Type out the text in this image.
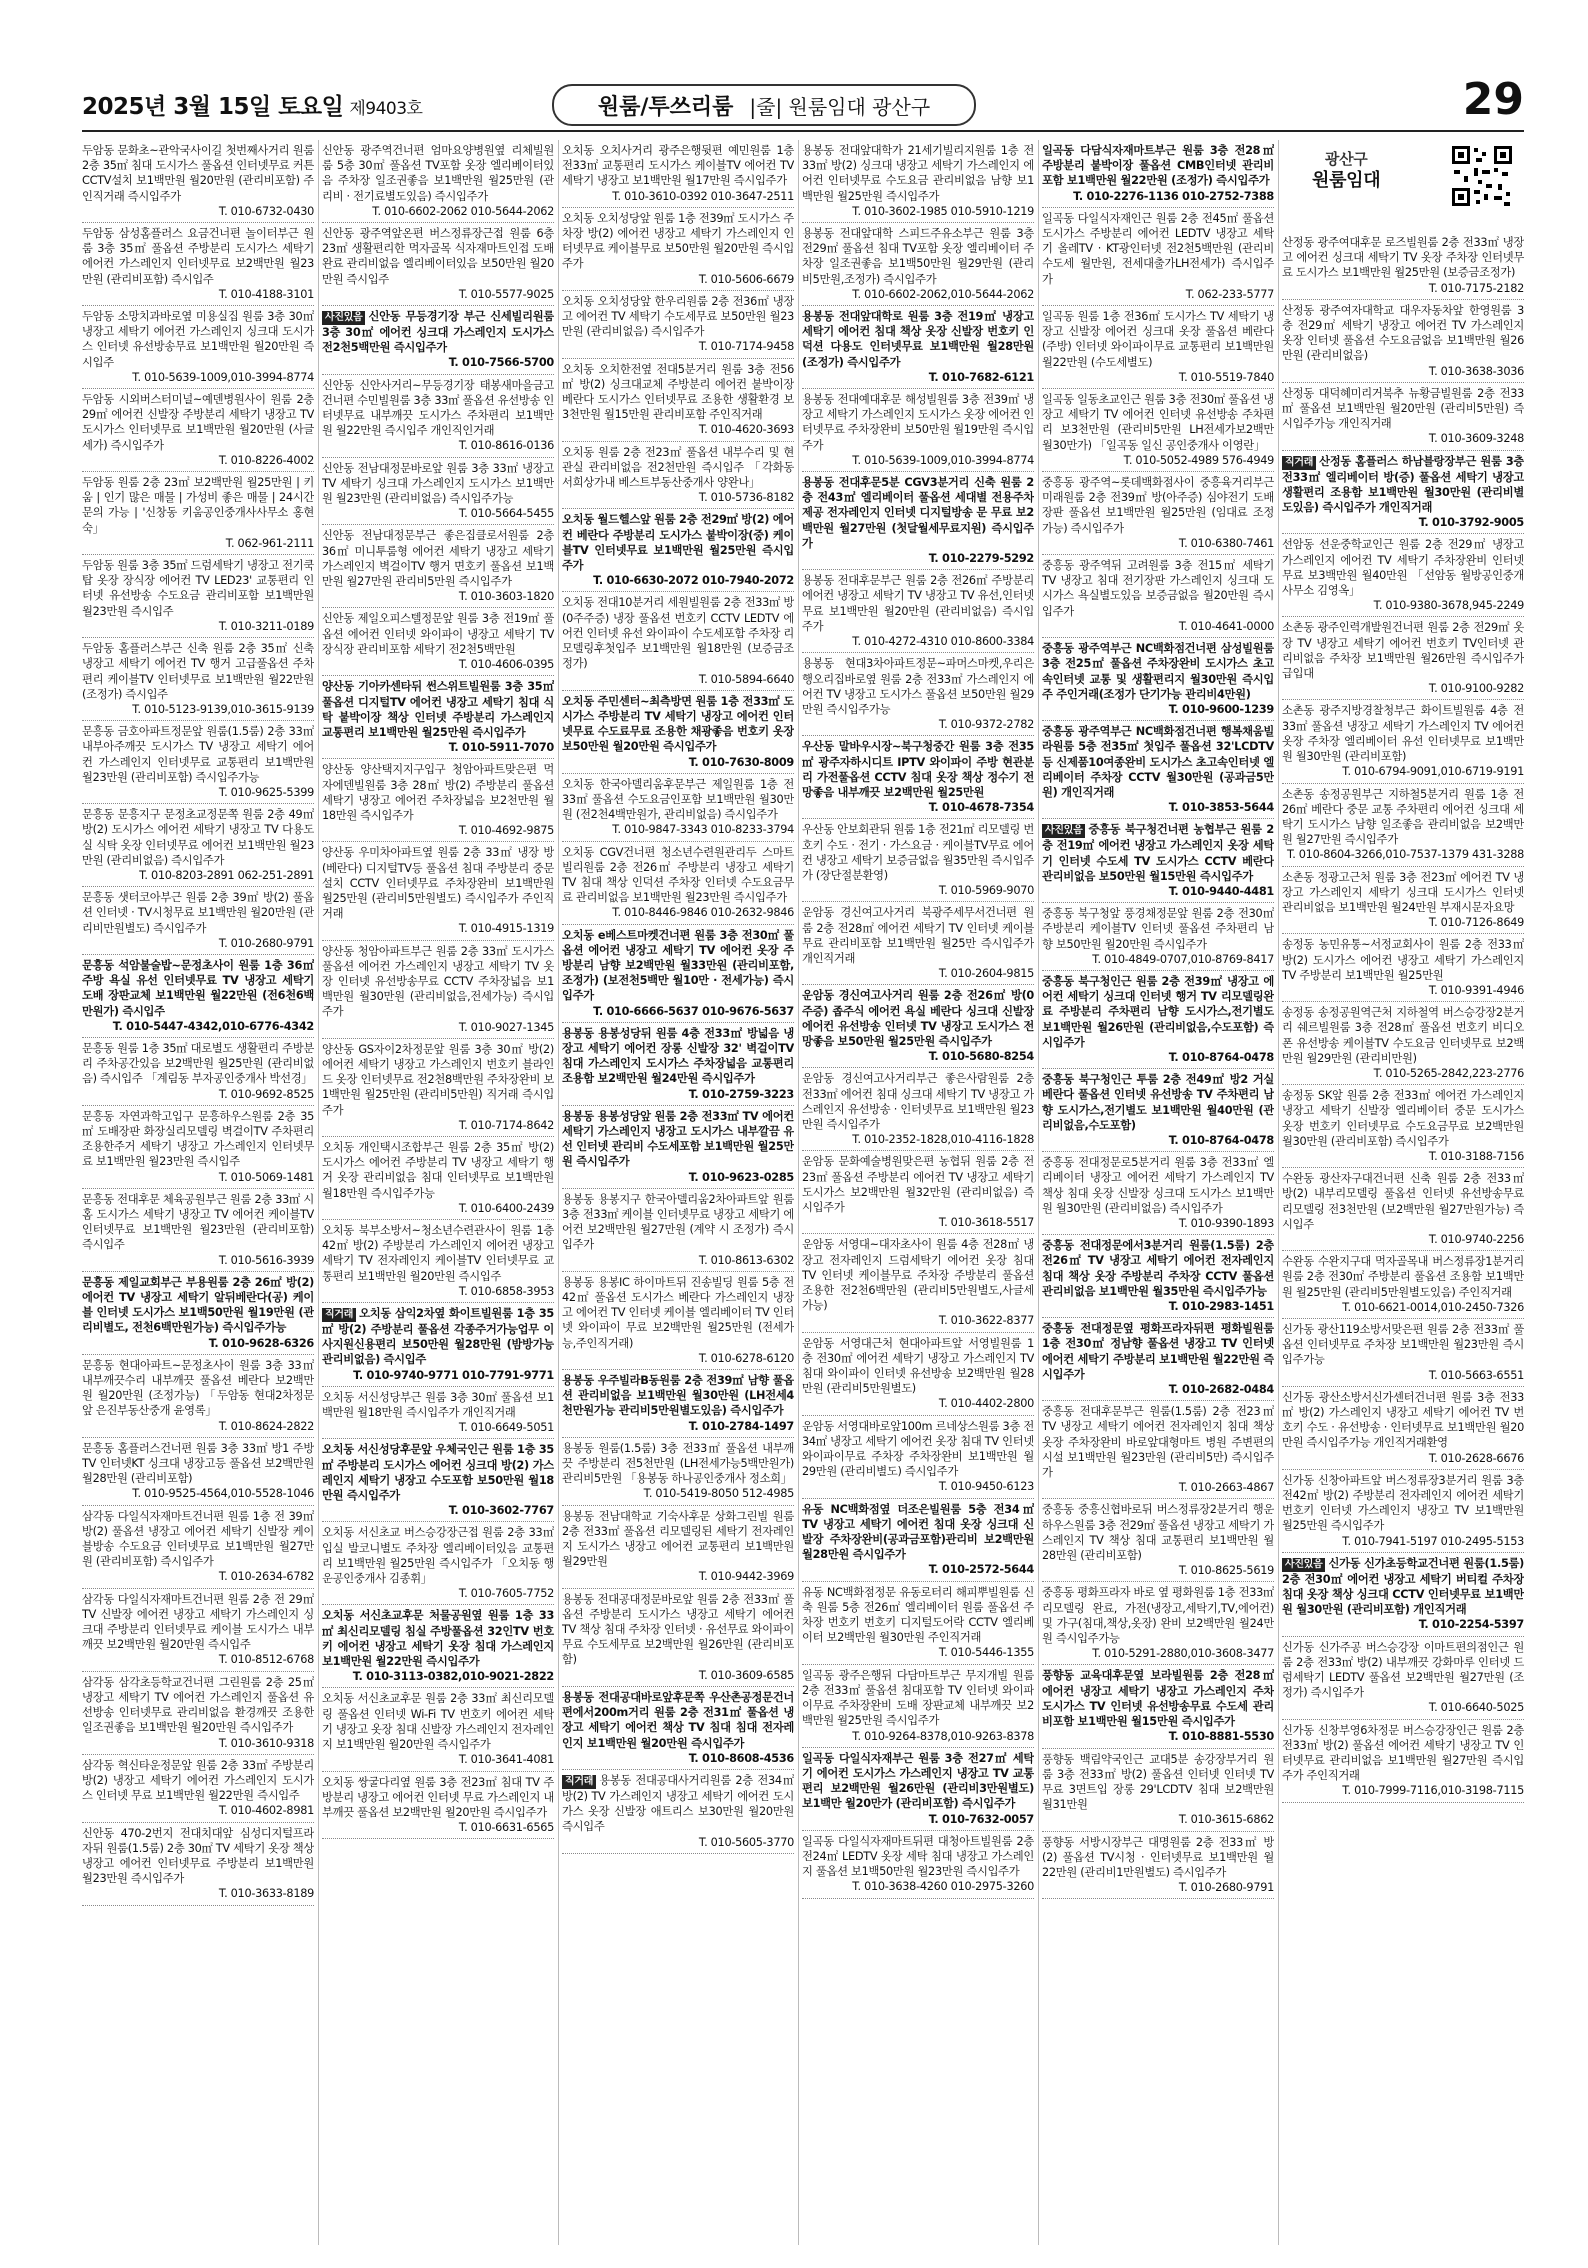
2025년 3월 15일 토요일 제9403호	원룸/투쓰리룸 |줄| 원룸임대 광산구	29
두암동 문화초~관악국사이길 첫번째사거리 원룸 2층 35㎡ 침대 도시가스 풀옵션 인터넷무료 커튼 CCTV설치 보1백만원 월20만원 (관리비포함) 주인직거래 즉시입주가
T. 010-6732-0430
두암동 삼성홈플러스 요금건너편 놀이터부근 원룸 3층 35㎡ 풀옵션 주방분리 도시가스 세탁기 에어컨 가스레인지 인터넷무료 보2백만원 월23만원 (관리비포함) 즉시입주
T. 010-4188-3101
두암동 소망치과바로옆 미용실집 원룸 3층 30㎡ 냉장고 세탁기 에어컨 가스레인지 싱크대 도시가스 인터넷 유선방송무료 보1백만원 월20만원 즉시입주
T. 010-5639-1009,010-3994-8774
두암동 시외버스터미널~예덴병원사이 원룸 2층 29㎡ 에어컨 신발장 주방분리 세탁기 냉장고 TV 도시가스 인터넷무료 보1백만원 월20만원 (사글세가) 즉시입주가
T. 010-8226-4002
두암동 원룸 2층 23㎡ 보2백만원 월25만원 | 키움 | 인기 많은 매물 | 가성비 좋은 매물 | 24시간 문의 가능 | '신창동 키움공인중개사사무소 홍현숙」
T. 062-961-2111
두암동 원룸 3층 35㎡ 드럼세탁기 냉장고 전기쿡탑 옷장 장식장 에어컨 TV LED23' 교통편리 인터넷 유선방송 수도요금 관리비포함 보1백만원 월23만원 즉시입주
T. 010-3211-0189
두암동 홈플러스부근 신축 원룸 2층 35㎡ 신축 냉장고 세탁기 에어컨 TV 행거 고급풀옵션 주차편리 케이블TV 인터넷무료 보1백만원 월22만원 (조정가) 즉시입주
T. 010-5123-9139,010-3615-9139
문흥동 금호아파트정문앞 원룸(1.5룸) 2층 33㎡ 내부아주깨끗 도시가스 TV 냉장고 세탁기 에어컨 가스레인지 인터넷무료 교통편리 보1백만원 월23만원 (관리비포함) 즉시입주가능
T. 010-9625-5399
문흥동 문흥지구 문정초교정문쪽 원룸 2층 49㎡ 방(2) 도시가스 에어컨 세탁기 냉장고 TV 다용도실 식탁 옷장 인터넷무료 에어컨 보1백만원 월23만원 (관리비없음) 즉시입주가
T. 010-8203-2891 062-251-2891
문흥동 샛터코아부근 원룸 2층 39㎡ 방(2) 풀옵션 인터넷 · TV시청무료 보1백만원 월20만원 (관리비만원별도) 즉시입주가
T. 010-2680-9791
문흥동 석암불술밥~문정초사이 원룸 1층 36㎡ 주방 욕실 유선 인터넷무료 TV 냉장고 세탁기 도배 장판교체 보1백만원 월22만원 (전6천6백만원가) 즉시입주
T. 010-5447-4342,010-6776-4342
문흥동 원룸 1층 35㎡ 대로별도 생활편리 주방분리 주차공간있음 보2백만원 월25만원 (관리비없음) 즉시입주 「계림동 부자공인중개사 박선경」
T. 010-9692-8525
문흥동 자연과학고입구 문흥하우스원룸 2층 35㎡ 도배장판 화장실리모델링 벽걸이TV 주차편리 조용한주거 세탁기 냉장고 가스레인지 인터넷무료 보1백만원 월23만원 즉시입주
T. 010-5069-1481
문흥동 전대후문 체육공원부근 원룸 2층 33㎡ 시홈 도시가스 세탁기 냉장고 TV 에어컨 케이블TV 인터넷무료 보1백만원 월23만원 (관리비포함) 즉시입주
T. 010-5616-3939
문흥동 제일교회부근 부용원룸 2층 26㎡ 방(2) 에어컨 TV 냉장고 세탁기 알뒤베란다(공) 케이블 인터넷 도시가스 보1백50만원 월19만원 (관리비별도, 전천6백만원가능) 즉시입주가능
T. 010-9628-6326
문흥동 현대아파트~문정초사이 원룸 3층 33㎡ 내부깨끗수리 내부깨끗 풀옵션 베란다 보2백만원 월20만원 (조정가능) 「두암동 현대2차정문앞 은진부동산중개 윤영록」
T. 010-8624-2822
문흥동 홈플러스건너편 원룸 3층 33㎡ 방1 주방 TV 인터넷KT 싱크대 냉장고등 풀옵션 보2백만원 월28만원 (관리비포함)
T. 010-9525-4564,010-5528-1046
삼각동 다일식자재마트건너편 원룸 1층 전 39㎡ 방(2) 풀옵션 냉장고 에어컨 세탁기 신발장 케이블방송 수도요금 인터넷무료 보1백만원 월27만원 (관리비포함) 즉시입주가
T. 010-2634-6782
삼각동 다일식자재마트건너편 원룸 2층 전 29㎡ TV 신발장 에어컨 냉장고 세탁기 가스레인지 싱크대 주방분리 인터넷무료 케이블 도시가스 내부깨끗 보2백만원 월20만원 즉시입주
T. 010-8512-6768
삼각동 삼각초등학교건너편 그린원룸 2층 25㎡ 냉장고 세탁기 TV 에어컨 가스레인지 풀옵션 유선방송 인터넷무료 관리비없음 환경깨끗 조용한 일조권좋음 보1백만원 월20만원 즉시입주가
T. 010-3610-9318
삼각동 혁신타운정문앞 원룸 2층 33㎡ 주방분리 방(2) 냉장고 세탁기 에어컨 가스레인지 도시가스 인터넷 무료 보1백만원 월22만원 즉시입주
T. 010-4602-8981
신안동 470-2번지 전대치대앞 심성디지털프라자뒤 원룸(1.5룸) 2층 30㎡ TV 세탁기 옷장 책상 냉장고 에어컨 인터넷무료 주방분리 보1백만원 월23만원 즉시입주가
T. 010-3633-8189
신안동 광주역건너편 엄마요양병원옆 리체빌원룸 5층 30㎡ 풀옵션 TV포함 옷장 엘리베이터있음 주차장 일조권좋음 보1백만원 월25만원 (관리비 · 전기료별도있음) 즉시입주가
T. 010-6602-2062 010-5644-2062
신안동 광주역앞온편 버스정류장근접 원룸 6층 23㎡ 생활편리한 먹자골목 식자재마트인접 도배완료 관리비없음 엘리베이터있음 보50만원 월20만원 즉시입주
T. 010-5577-9025
사진있음 신안동 무등경기장 부근 신세빌리원룸 3층 30㎡ 에어컨 싱크대 가스레인지 도시가스 전2천5백만원 즉시입주가
T. 010-7566-5700
신안동 신안사거리~무등경기장 태봉새마을금고건너편 수민빌원룸 3층 33㎡ 풀옵션 유선방송 인터넷무료 내부깨끗 도시가스 주차편리 보1백만원 월22만원 즉시입주 개인직인거래
T. 010-8616-0136
신안동 전남대정문바로앞 원룸 3층 33㎡ 냉장고 TV 세탁기 싱크대 가스레인지 도시가스 보1백만원 월23만원 (관리비없음) 즉시입주가능
T. 010-5664-5455
신안동 전남대정문부근 좋은집클로서원룸 2층 36㎡ 미니투룸형 에어컨 세탁기 냉장고 세탁기 가스레인지 벽걸이TV 행거 면호키 풀옵션 보1백만원 월27만원 관리비5만원 즉시입주가
T. 010-3603-1820
신안동 제일오피스텔정문앞 원룸 3층 전19㎡ 풀옵션 에어컨 인터넷 와이파이 냉장고 세탁기 TV 장식장 관리비포함 세탁기 전2천5백만원
T. 010-4606-0395
양산동 기아카센타뒤 썬스위트빌원룸 3층 35㎡ 풀옵션 디지털TV 에어컨 냉장고 세탁기 침대 식탁 붙박이장 책상 인터넷 주방분리 가스레인지 교통편리 보1백만원 월25만원 즉시입주가
T. 010-5911-7070
양산동 양산택지지구입구 청암아파트맞은편 먹자에덴빌원룸 3층 28㎡ 방(2) 주방분리 풀옵션 세탁기 냉장고 에어컨 주차장넓음 보2천만원 월18만원 즉시입주가
T. 010-4692-9875
양산동 우미차아파트옆 원룸 2층 33㎡ 냉장 방(베란다) 디지털TV등 풀옵션 침대 주방분리 중문설치 CCTV 인터넷무료 주차장완비 보1백만원 월25만원 (관리비5만원별도) 즉시입주가 주인직거래
T. 010-4915-1319
양산동 청암아파트부근 원룸 2층 33㎡ 도시가스 풀옵션 에어컨 가스레인지 냉장고 세탁기 TV 옷장 인터넷 유선방송무료 CCTV 주차장넓음 보1백만원 월30만원 (관리비없음,전세가능) 즉시입주가
T. 010-9027-1345
양산동 GS자이2차정문앞 원룸 3층 30㎡ 방(2) 에어컨 세탁기 냉장고 가스레인지 번호키 블라인드 옷장 인터넷무료 전2천8백만원 주차장완비 보1백만원 월25만원 (관리비5만원) 직거래 즉시입주가
T. 010-7174-8642
오치동 개인택시조합부근 원룸 2층 35㎡ 방(2) 도시가스 에어컨 주방분리 TV 냉장고 세탁기 행거 옷장 관리비없음 침대 인터넷무료 보1백만원 월18만원 즉시입주가능
T. 010-6400-2439
오치동 북부소방서~청소년수련관사이 원룸 1층 42㎡ 방(2) 주방분리 가스레인지 에어컨 냉장고 세탁기 TV 전자레인지 케이블TV 인터넷무료 교통편리 보1백만원 월20만원 즉시입주
T. 010-6858-3953
직거래 오치동 삼익2차옆 화이트빌원룸 1층 35㎡ 방(2) 주방분리 풀옵션 각종주거가능업무 이사지원신용편리 보50만원 월28만원 (밤방가능 관리비없음) 즉시입주
T. 010-9740-9771 010-7791-9771
오치동 서신성당부근 원룸 3층 30㎡ 풀옵션 보1백만원 월18만원 즉시입주가 개인직거래
T. 010-6649-5051
오치동 서신성당후문앞 우체국인근 원룸 1층 35㎡ 주방분리 도시가스 에어컨 싱크대 방(2) 가스레인지 세탁기 냉장고 수도포함 보50만원 월18만원 즉시입주가
T. 010-3602-7767
오치동 서신초교 버스승강장근접 원룸 2층 33㎡ 입실 발코니별도 주차장 엘리베이터있음 교통편리 보1백만원 월25만원 즉시입주가 「오치동 행운공인중개사 김종휘」
T. 010-7605-7752
오치동 서신초교후문 처물공원옆 원룸 1층 33㎡ 최신리모델링 침실 주방풀옵션 32인TV 번호키 에어컨 냉장고 세탁기 옷장 침대 가스레인지 보1백만원 월22만원 즉시입주가
T. 010-3113-0382,010-9021-2822
오치동 서신초교후문 원룸 2층 33㎡ 최신리모델링 풀옵션 인터넷 Wi-Fi TV 번호키 에어컨 세탁기 냉장고 옷장 침대 신발장 가스레인지 전자레인지 보1백만원 월20만원 즉시입주가
T. 010-3641-4081
오치동 쌍굴다리옆 원룸 3층 전23㎡ 침대 TV 주방분리 냉장고 에어컨 인터넷 무료 가스레인지 내부깨끗 풀옵션 보2백만원 월20만원 즉시입주가
T. 010-6631-6565
오치동 오치사거리 광주은행뒷편 예민원룸 1층 전33㎡ 교통편리 도시가스 케이블TV 에어컨 TV 세탁기 냉장고 보1백만원 월17만원 즉시입주가
T. 010-3610-0392 010-3647-2511
오치동 오치성당앞 원룸 1층 전39㎡ 도시가스 주차장 방(2) 에어컨 냉장고 세탁기 가스레인지 인터넷무료 케이블무료 보50만원 월20만원 즉시입주가
T. 010-5606-6679
오치동 오치성당앞 한우리원룸 2층 전36㎡ 냉장고 에어컨 TV 세탁기 수도세무료 보50만원 월23만원 (관리비없음) 즉시입주가
T. 010-7174-9458
오치동 오치한전옆 전대5분거리 원룸 3층 전56㎡ 방(2) 싱크대교체 주방분리 에어컨 붙박이장 베란다 도시가스 인터넷무료 조용한 생활환경 보3천만원 월15만원 관리비포함 주인직거래
T. 010-4620-3693
오치동 원룸 2층 전23㎡ 풀옵션 내부수리 및 현관실 관리비없음 전2천만원 즉시입주 「각화동 서희상가내 베스트부동산중개사 양완나」
T. 010-5736-8182
오치동 월드헬스앞 원룸 2층 전29㎡ 방(2) 에어컨 베란다 주방분리 도시가스 붙박이장(중) 케이블TV 인터넷무료 보1백만원 월25만원 즉시입주가
T. 010-6630-2072 010-7940-2072
오치동 전대10분거리 세원빌원룸 2층 전33㎡ 방(0주주증) 냉장 풀옵션 번호키 CCTV LEDTV 에어컨 인터넷 유선 와이파이 수도세포함 주차장 리모델링후첫입주 보1백만원 월18만원 (보증금조정가)
T. 010-5894-6640
오치동 주민센터~최측방면 원룸 1층 전33㎡ 도시가스 주방분리 TV 세탁기 냉장고 에어컨 인터넷무료 수도료무료 조용한 채광좋음 번호키 옷장 보50만원 월20만원 즉시입주가
T. 010-7630-8009
오치동 한국아델리움후문부근 제일원룸 1층 전33㎡ 풀옵션 수도요금인포함 보1백만원 월30만원 (전2천4백만원가, 관리비없음) 즉시입주가
T. 010-9847-3343 010-8233-3794
오치동 CGV건너편 청소년수련원관리두 스마트빌리원룸 2층 전26㎡ 주방분리 냉장고 세탁기 TV 침대 책상 인덕션 주차장 인터넷 수도요금무료 관리비없음 보1백만원 월23만원 즉시입주가
T. 010-8446-9846 010-2632-9846
오치동 e베스트마켓건너편 원룸 3층 전30㎡ 풀옵션 에어컨 냉장고 세탁기 TV 에어컨 옷장 주방분리 남향 보2백만원 월33만원 (관리비포함,조정가) (보전천5백만 월10만 · 전세가능) 즉시입주가
T. 010-6666-5637 010-9676-5637
용봉동 용봉성당뒤 원룸 4층 전33㎡ 방넓음 냉장고 세탁기 에어컨 장롱 신발장 32' 벽걸이TV 침대 가스레인지 도시가스 주차장넓음 교통편리 조용함 보2백만원 월24만원 즉시입주가
T. 010-2759-3223
용봉동 용봉성당앞 원룸 2층 전33㎡ TV 에어컨 세탁기 가스레인지 냉장고 도시가스 내부깔끔 유선 인터넷 관리비 수도세포함 보1백만원 월25만원 즉시입주가
T. 010-9623-0285
용봉동 용봉지구 한국아델리움2차아파트앞 원룸 3층 전33㎡ 케이블 인터넷무료 냉장고 세탁기 에어컨 보2백만원 월27만원 (계약 시 조정가) 즉시입주가
T. 010-8613-6302
용봉동 용봉IC 하이마트뒤 진송빌딩 원룸 5층 전42㎡ 풀옵션 도시가스 베란다 가스레인지 냉장고 에어컨 TV 인터넷 케이블 엘리베이터 TV 인터넷 와이파이 무료 보2백만원 월25만원 (전세가능,주인직거래)
T. 010-6278-6120
용봉동 우주빌라B동원룸 2층 전39㎡ 남향 풀옵션 관리비없음 보1백만원 월30만원 (LH전세4천만원가능 관리비5만원별도있음) 즉시입주가
T. 010-2784-1497
용봉동 원룸(1.5룸) 3층 전33㎡ 풀옵션 내부깨끗 주방분리 전5천만원 (LH전세가능5백만원가) 관리비5만원 「용봉동 하나공인중개사 정소희」
T. 010-5419-8050 512-4985
용봉동 전남대학교 기숙사후문 상화그린빌 원룸 2층 전33㎡ 풀옵션 리모델링된 세탁기 전자레인지 도시가스 냉장고 에어컨 교통편리 보1백만원 월29만원
T. 010-9442-3969
용봉동 전대공대정문바로앞 원룸 2층 전33㎡ 풀옵션 주방분리 도시가스 냉장고 세탁기 에어컨 TV 책상 침대 주차장 인터넷 · 유선무료 와이파이무료 수도세무료 보2백만원 월26만원 (관리비포함)
T. 010-3609-6585
용봉동 전대공대바로앞후문쪽 우산촌공정문건너편에서200m거리 원룸 2층 전31㎡ 풀옵션 냉장고 세탁기 에어컨 책상 TV 침대 침대 전자레인지 보1백만원 월20만원 즉시입주가
T. 010-8608-4536
직거래 용봉동 전대공대사거리원룸 2층 전34㎡ 방(2) TV 가스레인지 냉장고 세탁기 에어컨 도시가스 옷장 신발장 애트리스 보30만원 월20만원 즉시입주
T. 010-5605-3770
용봉동 전대앞대학가 21세기빌리지원룸 1층 전33㎡ 방(2) 싱크대 냉장고 세탁기 가스레인지 에어컨 인터넷무료 수도요금 관리비없음 남향 보1백만원 월25만원 즉시입주가
T. 010-3602-1985 010-5910-1219
용봉동 전대앞대학 스피드주유소부근 원룸 3층 전29㎡ 풀옵션 침대 TV포함 옷장 엘리베이터 주차장 일조권좋음 보1백50만원 월29만원 (관리비5만원,조정가) 즉시입주가
T. 010-6602-2062,010-5644-2062
용봉동 전대앞대학로 원룸 3층 전19㎡ 냉장고 세탁기 에어컨 침대 책상 옷장 신발장 번호키 인덕션 다용도 인터넷무료 보1백만원 월28만원 (조정가) 즉시입주가
T. 010-7682-6121
용봉동 전대예대후문 해성빌원룸 3층 전39㎡ 냉장고 세탁기 가스레인지 도시가스 옷장 에어컨 인터넷무료 주차장완비 보50만원 월19만원 즉시입주가
T. 010-5639-1009,010-3994-8774
용봉동 전대후문5분 CGV3분거리 신축 원룸 2층 전43㎡ 엘리베이터 풀옵션 세대별 전용주차제공 전자레인지 인터넷 디지털방송 문 무료 보2백만원 월27만원 (첫달월세무료지원) 즉시입주가
T. 010-2279-5292
용봉동 전대후문부근 원룸 2층 전26㎡ 주방분리 에어컨 냉장고 세탁기 TV 냉장고 TV 유선,인터넷무료 보1백만원 월20만원 (관리비없음) 즉시입주가
T. 010-4272-4310 010-8600-3384
용봉동 현대3차아파트정문~파머스마켓,우리은행오리집바로옆 원룸 2층 전33㎡ 가스레인지 에어컨 TV 냉장고 도시가스 풀옵션 보50만원 월29만원 즉시입주가능
T. 010-9372-2782
우산동 말바우시장~북구청중간 원룸 3층 전35㎡ 광주자하시디트 IPTV 와이파이 주방 현관분리 가전풀옵션 CCTV 침대 옷장 책상 정수기 전망좋음 내부깨끗 보2백만원 월25만원
T. 010-4678-7354
우산동 안보회관뒤 원룸 1층 전21㎡ 리모델링 번호키 수도 · 전기 · 가스요금 · 케이블TV무료 에어컨 냉장고 세탁기 보증금없음 월35만원 즉시입주가 (장단절분환영)
T. 010-5969-9070
운암동 경신여고사거리 북광주세무서건너편 원룸 2층 전28㎡ 에어컨 세탁기 TV 인터넷 케이블무료 관리비포함 보1백만원 월25만 즉시입주가 개인직거래
T. 010-2604-9815
운암동 경신여고사거리 원룸 2층 전26㎡ 방(0주증) 좁주식 에어컨 욕실 베란다 싱크대 신발장 에어컨 유선방송 인터넷 TV 냉장고 도시가스 전망좋음 보50만원 월25만원 즉시입주가
T. 010-5680-8254
운암동 경신여고사거리부근 좋은사람원룸 2층 전33㎡ 에어컨 침대 싱크대 세탁기 TV 냉장고 가스레인지 유선방송 · 인터넷무료 보1백만원 월23만원 즉시입주가
T. 010-2352-1828,010-4116-1828
운암동 문화예술병원맞은편 농협뒤 원룸 2층 전23㎡ 풀옵션 주방분리 에어컨 TV 냉장고 세탁기 도시가스 보2백만원 월32만원 (관리비없음) 즉시입주가
T. 010-3618-5517
운암동 서영대~대자초사이 원룸 4층 전28㎡ 냉장고 전자레인지 드럼세탁기 에어컨 옷장 침대 TV 인터넷 케이블무료 주차장 주방분리 풀옵션 조용한 전2천6백만원 (관리비5만원별도,사글세가능)
T. 010-3622-8377
운암동 서영대근처 현대아파트앞 서영빌원룸 1층 전30㎡ 에어컨 세탁기 냉장고 가스레인지 TV 침대 와이파이 인터넷 유선방송 보2백만원 월28만원 (관리비5만원별도)
T. 010-4402-2800
운암동 서영대바로앞100m 르네상스원룸 3층 전34㎡ 냉장고 세탁기 에어컨 옷장 침대 TV 인터넷 와이파이무료 주차장 주차장완비 보1백만원 월29만원 (관리비별도) 즉시입주가
T. 010-9450-6123
유동 NC백화점옆 더조은빌원룸 5층 전34㎡ TV 냉장고 세탁기 에어컨 침대 옷장 싱크대 신발장 주차장완비(공과금포함)관리비 보2백만원 월28만원 즉시입주가
T. 010-2572-5644
유동 NC백화점정문 유동로터리 해피뿌빌원룸 신축 원룸 5층 전26㎡ 엘리베이터 원룸 풀옵션 주차장 번호키 번호키 디지털도어락 CCTV 엘리베이터 보2백만원 월30만원 주인직거래
T. 010-5446-1355
일곡동 광주은행뒤 다담마트부근 무지개빌 원룸 2층 전33㎡ 풀옵션 침대포함 TV 인터넷 와이파이무료 주차장완비 도배 장판교체 내부깨끗 보2백만원 월25만원 즉시입주가
T. 010-9264-8378,010-9263-8378
일곡동 다일식자재부근 원룸 3층 전27㎡ 세탁기 에어컨 도시가스 가스레인지 냉장고 TV 교통편리 보2백만원 월26만원 (관리비3만원별도) 보1백만 월20만가 (관리비포함) 즉시입주가
T. 010-7632-0057
일곡동 다일식자재마트뒤편 대청아트빌원룸 2층 전24㎡ LEDTV 옷장 세탁 침대 냉장고 가스레인지 풀옵션 보1백50만원 월23만원 즉시입주가
T. 010-3638-4260 010-2975-3260
일곡동 다담식자재마트부근 원룸 3층 전28㎡ 주방분리 붙박이장 풀옵션 CMB인터넷 관리비포함 보1백만원 월22만원 (조정가) 즉시입주가
T. 010-2276-1136 010-2752-7388
일곡동 다일식자재인근 원룸 2층 전45㎡ 풀옵션 도시가스 주방분리 에어컨 LEDTV 냉장고 세탁기 올레TV · KT광인터넷 전2천5백만원 (관리비 수도세 월만원, 전세대출가LH전세가) 즉시입주가
T. 062-233-5777
일곡동 원룸 1층 전36㎡ 도시가스 TV 세탁기 냉장고 신발장 에어컨 싱크대 옷장 풀옵션 베란다(주방) 인터넷 와이파이무료 교통편리 보1백만원 월22만원 (수도세별도)
T. 010-5519-7840
일곡동 일동초교인근 원룸 3층 전30㎡ 풀옵션 냉장고 세탁기 TV 에어컨 인터넷 유선방송 주차편리 보3천만원 (관리비5만원 LH전세가보2백만 월30만가) 「일곡동 일신 공인중개사 이영란」
T. 010-5052-4989 576-4949
중흥동 광주역~롯데백화점사이 중흥육거리부근 미래원룸 2층 전39㎡ 방(아주증) 심야전기 도배장판 풀옵션 보1백만원 월25만원 (임대료 조정가능) 즉시입주가
T. 010-6380-7461
중흥동 광주역뒤 고려원룸 3층 전15㎡ 세탁기 TV 냉장고 침대 전기장판 가스레인지 싱크대 도시가스 욕실별도있음 보증금없음 월20만원 즉시입주가
T. 010-4641-0000
중흥동 광주역부근 NC백화점건너편 삼성빌원룸 3층 전25㎡ 풀옵션 주차장완비 도시가스 초고속인터넷 교통 및 생활편리지 월30만원 즉시입주 주인거래(조정가 단기가능 관리비4만원)
T. 010-9600-1239
중흥동 광주역부근 NC백화점건너편 행복채움빌라원룸 5층 전35㎡ 첫입주 풀옵션 32'LCDTV등 신제품10여종완비 도시가스 초고속인터넷 엘리베이터 주차장 CCTV 월30만원 (공과금5만원) 개인직거래
T. 010-3853-5644
사진있음 중흥동 북구청건너편 농협부근 원룸 2층 전19㎡ 에어컨 냉장고 가스레인지 옷장 세탁기 인터넷 수도세 TV 도시가스 CCTV 베란다 관리비없음 보50만원 월15만원 즉시입주가
T. 010-9440-4481
중흥동 북구청앞 풍경채정문앞 원룸 2층 전30㎡ 주방분리 케이블TV 인터넷 풀옵션 주차편리 남향 보50만원 월20만원 즉시입주가
T. 010-4849-0707,010-8769-8417
중흥동 북구청인근 원룸 2층 전39㎡ 냉장고 에어컨 세탁기 싱크대 인터넷 행거 TV 리모델링완료 주방분리 주차편리 남향 도시가스,전기별도 보1백만원 월26만원 (관리비없음,수도포함) 즉시입주가
T. 010-8764-0478
중흥동 북구청인근 투룸 2층 전49㎡ 방2 거실 베란다 풀옵션 인터넷 유선방송 TV 주차편리 남향 도시가스,전기별도 보1백만원 월40만원 (관리비없음,수도포함)
T. 010-8764-0478
중흥동 전대정문로5분거리 원룸 3층 전33㎡ 엘리베이터 냉장고 에어컨 세탁기 가스레인지 TV 책상 침대 옷장 신발장 싱크대 도시가스 보1백만원 월30만원 (관리비없음) 즉시입주가
T. 010-9390-1893
중흥동 전대정문에서3분거리 원룸(1.5룸) 2층 전26㎡ TV 냉장고 세탁기 에어컨 전자레인지 침대 책상 옷장 주방분리 주차장 CCTV 풀옵션 관리비없음 보1백만원 월35만원 즉시입주가능
T. 010-2983-1451
중흥동 전대정문옆 평화프라자뒤편 평화빌원룸 1층 전30㎡ 정남향 풀옵션 냉장고 TV 인터넷 에어컨 세탁기 주방분리 보1백만원 월22만원 즉시입주가
T. 010-2682-0484
중흥동 전대후문부근 원룸(1.5룸) 2층 전23㎡ TV 냉장고 세탁기 에어컨 전자레인지 침대 책상 옷장 주차장완비 바로앞대형마트 병원 주변편의시설 보1백만원 월23만원 (관리비5만) 즉시입주가
T. 010-2663-4867
중흥동 중흥신협바로뒤 버스정류장2분거리 행운하우스원룸 3층 전29㎡ 풀옵션 냉장고 세탁기 가스레인지 TV 책상 침대 교통편리 보1백만원 월28만원 (관리비포함)
T. 010-8625-5619
중흥동 평화프라자 바로 옆 평화원룸 1층 전33㎡ 리모델링 완료, 가전(냉장고,세탁기,TV,에어컨) 및 가구(침대,책상,옷장) 완비 보2백만원 월24만원 즉시입주가능
T. 010-5291-2880,010-3608-3477
풍향동 교육대후문옆 보라빌원룸 2층 전28㎡ 에어컨 냉장고 세탁기 냉장고 가스레인지 주차 도시가스 TV 인터넷 유선방송무료 수도세 관리비포함 보1백만원 월15만원 즉시입주가
T. 010-8881-5530
풍향동 백림약국인근 교대5분 송강장부거리 원룸 3층 전33㎡ 방(2) 풀옵션 인터넷 인터넷 TV무료 3면트입 장롱 29'LCDTV 침대 보2백만원 월31만원
T. 010-3615-6862
풍향동 서방시장부근 대명원룸 2층 전33㎡ 방(2) 풀옵션 TV시청 · 인터넷무료 보1백만원 월22만원 (관리비1만원별도) 즉시입주가
T. 010-2680-9791
광산구
원룸임대
산정동 광주여대후문 로즈빌원룸 2층 전33㎡ 냉장고 에어컨 싱크대 세탁기 TV 옷장 주차장 인터넷무료 도시가스 보1백만원 월25만원 (보증금조정가)
T. 010-7175-2182
산정동 광주여자대학교 대우자동차앞 한영원룸 3층 전29㎡ 세탁기 냉장고 에어컨 TV 가스레인지 옷장 인터넷 풀옵션 수도요금없음 보1백만원 월26만원 (관리비없음)
T. 010-3638-3036
산정동 대덕혜미리거북추 뉴황금빌원룸 2층 전33㎡ 풀옵션 보1백만원 월20만원 (관리비5만원) 즉시입주가능 개인직거래
T. 010-3609-3248
직거래 산정동 홈플러스 하남블랑장부근 원룸 3층 전33㎡ 엘리베이터 방(증) 풀옵션 세탁기 냉장고 생활편리 조용함 보1백만원 월30만원 (관리비별도있음) 즉시입주가 개인직거래
T. 010-3792-9005
선암동 선운중학교인근 원룸 2층 전29㎡ 냉장고 가스레인지 에어컨 TV 세탁기 주차장완비 인터넷무료 보3백만원 월40만원 「선암동 월방공인중개사무소 김영옥」
T. 010-9380-3678,945-2249
소촌동 광주인력개발원건너편 원룸 2층 전29㎡ 옷장 TV 냉장고 세탁기 에어컨 번호키 TV인터넷 관리비없음 주차장 보1백만원 월26만원 즉시입주가 급입대
T. 010-9100-9282
소촌동 광주지방경찰청부근 화이트빌원룸 4층 전33㎡ 풀옵션 냉장고 세탁기 가스레인지 TV 에어컨 옷장 주차장 엘리베이터 유선 인터넷무료 보1백만원 월30만원 (관리비포함)
T. 010-6794-9091,010-6719-9191
소촌동 송정공원부근 지하철5분거리 원룸 1층 전26㎡ 베란다 중문 교통 주차편리 에어컨 싱크대 세탁기 도시가스 남향 일조좋음 관리비없음 보2백만원 월27만원 즉시입주가
T. 010-8604-3266,010-7537-1379 431-3288
소촌동 정광고근처 원룸 3층 전23㎡ 에어컨 TV 냉장고 가스레인지 세탁기 싱크대 도시가스 인터넷 관리비없음 보1백만원 월24만원 부재시문자요망
T. 010-7126-8649
송정동 농민유통~서정교회사이 원룸 2층 전33㎡ 방(2) 도시가스 에어컨 냉장고 세탁기 가스레인지 TV 주방분리 보1백만원 월25만원
T. 010-9391-4946
송정동 송정공원역근처 지하철역 버스승강장2분거리 쉐르빌원룸 3층 전28㎡ 풀옵션 번호키 비디오폰 유선방송 케이블TV 수도요금 인터넷무료 보2백만원 월29만원 (관리비만원)
T. 010-5265-2842,223-2776
송정동 SK앞 원룸 2층 전33㎡ 에어컨 가스레인지 냉장고 세탁기 신발장 엘리베이터 중문 도시가스 옷장 번호키 인터넷무료 수도요금무료 보2백만원 월30만원 (관리비포함) 즉시입주가
T. 010-3188-7156
수완동 광산자구대건너편 신축 원룸 2층 전33㎡ 방(2) 내부리모델링 풀옵션 인터넷 유선방송무료 리모델링 전3천만원 (보2백만원 월27만원가능) 즉시입주
T. 010-9740-2256
수완동 수완지구대 먹자골목내 버스정류장1분거리 원룸 2층 전30㎡ 주방분리 풀옵션 조용함 보1백만원 월25만원 (관리비5만원별도있음) 주인직거래
T. 010-6621-0014,010-2450-7326
신가동 광산119소방서맞은편 원룸 2층 전33㎡ 풀옵션 인터넷무료 주차장 보1백만원 월23만원 즉시입주가능
T. 010-5663-6551
신가동 광산소방서신가센터건너편 원룸 3층 전33㎡ 방(2) 가스레인지 냉장고 세탁기 에어컨 TV 번호키 수도 · 유선방송 · 인터넷무료 보1백만원 월20만원 즉시입주가능 개인직거래환영
T. 010-2628-6676
신가동 신창아파트앞 버스정류장3분거리 원룸 3층 전42㎡ 방(2) 주방분리 전자레인지 에어컨 세탁기 번호키 인터넷 가스레인지 냉장고 TV 보1백만원 월25만원 즉시입주가
T. 010-7941-5197 010-2495-5153
사진있음 신가동 신가초등학교건너편 원룸(1.5룸) 2층 전30㎡ 에어컨 냉장고 세탁기 버티컬 주차장 침대 옷장 책상 싱크대 CCTV 인터넷무료 보1백만원 월30만원 (관리비포함) 개인직거래
T. 010-2254-5397
신가동 신가주공 버스승강장 이마트편의점인근 원룸 2층 전33㎡ 방(2) 내부깨끗 강화마루 인터넷 드럼세탁기 LEDTV 풀옵션 보2백만원 월27만원 (조정가) 즉시입주가
T. 010-6640-5025
신가동 신창부영6차정문 버스승강장인근 원룸 2층 전33㎡ 방(2) 풀옵션 에어컨 세탁기 냉장고 TV 인터넷무료 관리비없음 보1백만원 월27만원 즉시입주가 주인직거래
T. 010-7999-7116,010-3198-7115
